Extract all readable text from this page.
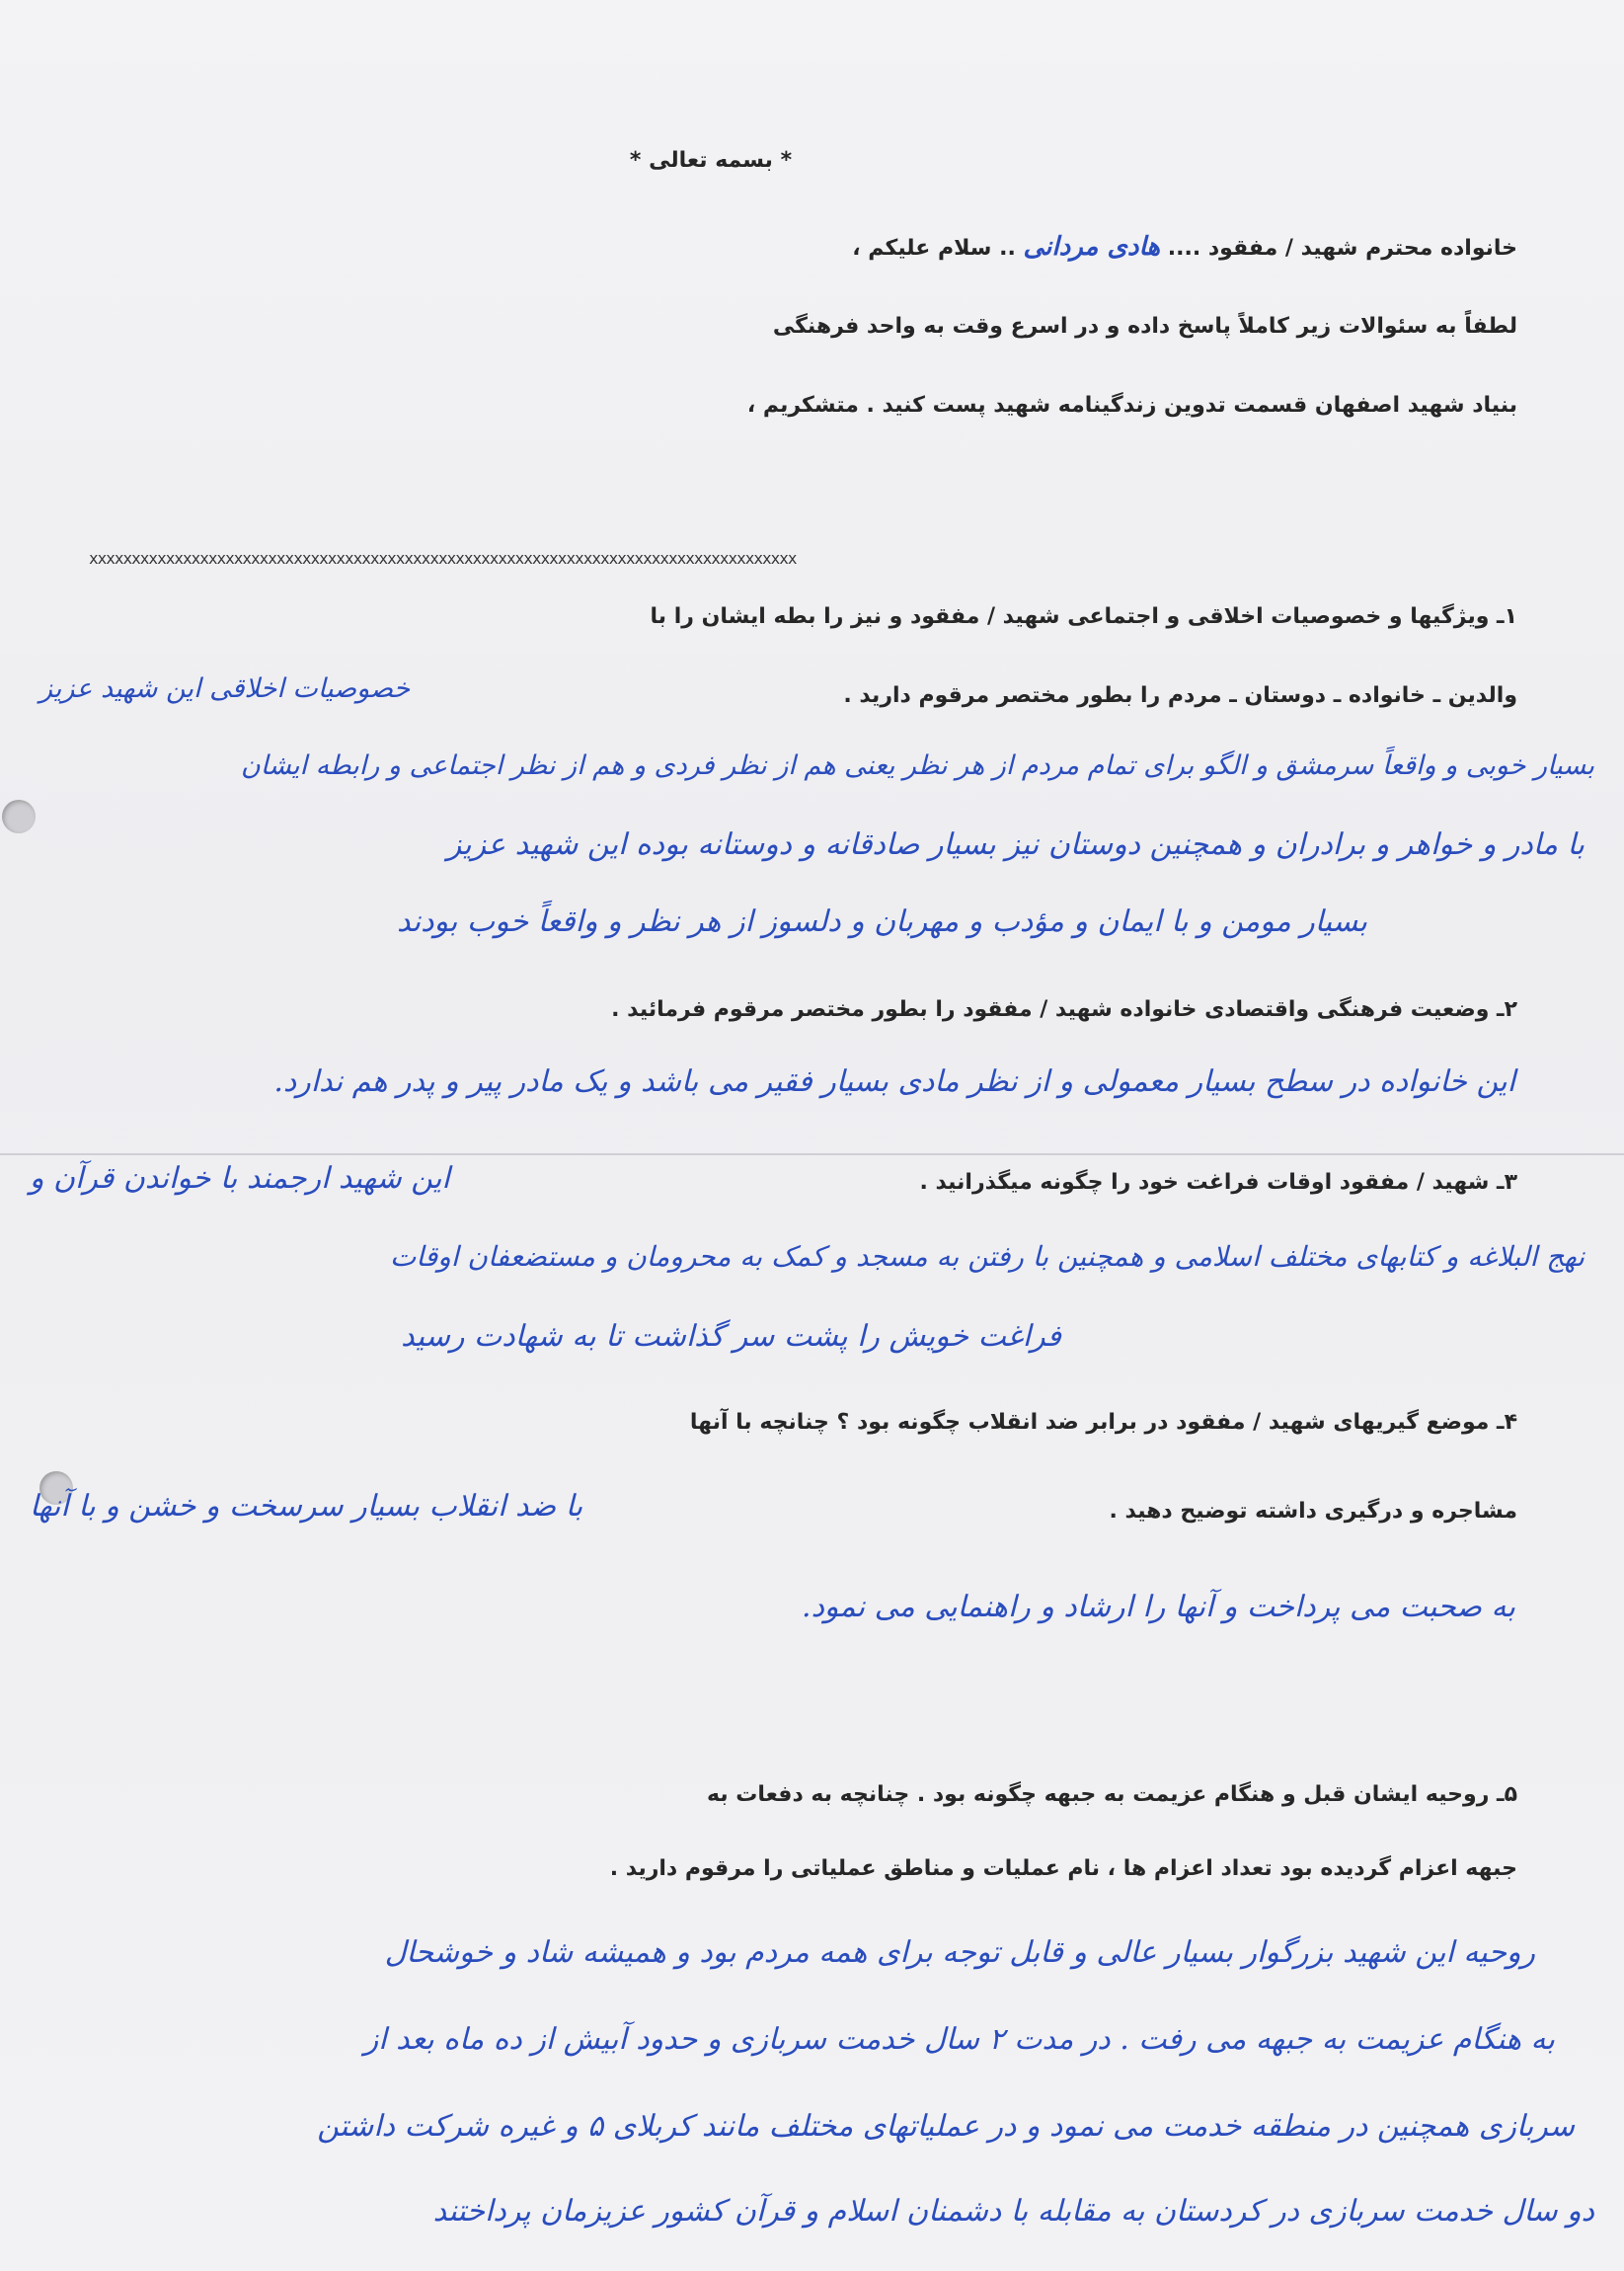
* بسمه تعالی *
خانواده محترم شهید / مفقود .... هادی مردانی .. سلام علیکم ،
لطفاً به سئوالات زیر کاملاً پاسخ داده و در اسرع وقت به واحد فرهنگی
بنیاد شهید اصفهان قسمت تدوین زندگینامه شهید پست کنید . متشکریم ،
xxxxxxxxxxxxxxxxxxxxxxxxxxxxxxxxxxxxxxxxxxxxxxxxxxxxxxxxxxxxxxxxxxxxxxxxxxxxxxxxxxx
۱ـ ویژگیها و خصوصیات اخلاقی و اجتماعی شهید / مفقود و نیز را بطه ایشان را با
والدین ـ خانواده ـ دوستان ـ مردم را بطور مختصر مرقوم دارید .
خصوصیات اخلاقی این شهید عزیز
بسیار خوبی و واقعاً سرمشق و الگو برای تمام مردم از هر نظر یعنی هم از نظر فردی و هم از نظر اجتماعی و رابطه ایشان
با مادر و خواهر و برادران و همچنین دوستان نیز بسیار صادقانه و دوستانه بوده این شهید عزیز
بسیار مومن و با ایمان و مؤدب و مهربان و دلسوز از هر نظر و واقعاً خوب بودند
۲ـ وضعیت فرهنگی واقتصادی خانواده شهید / مفقود را بطور مختصر مرقوم فرمائید .
این خانواده در سطح بسیار معمولی و از نظر مادی بسیار فقیر می باشد و یک مادر پیر و پدر هم ندارد.
۳ـ شهید / مفقود اوقات فراغت خود را چگونه میگذرانید .
این شهید ارجمند با خواندن قرآن و
نهج البلاغه و کتابهای مختلف اسلامی و همچنین با رفتن به مسجد و کمک به محرومان و مستضعفان اوقات
فراغت خویش را پشت سر گذاشت تا به شهادت رسید
۴ـ موضع گیریهای شهید / مفقود در برابر ضد انقلاب چگونه بود ؟ چنانچه با آنها
مشاجره و درگیری داشته توضیح دهید .
با ضد انقلاب بسیار سرسخت و خشن و با آنها
به صحبت می پرداخت و آنها را ارشاد و راهنمایی می نمود.
۵ـ روحیه ایشان قبل و هنگام عزیمت به جبهه چگونه بود . چنانچه به دفعات به
جبهه اعزام گردیده بود تعداد اعزام ها ، نام عملیات و مناطق عملیاتی را مرقوم دارید .
روحیه این شهید بزرگوار بسیار عالی و قابل توجه برای همه مردم بود و همیشه شاد و خوشحال
به هنگام عزیمت به جبهه می رفت . در مدت ۲ سال خدمت سربازی و حدود آبیش از ده ماه بعد از
سربازی همچنین در منطقه خدمت می نمود و در عملیاتهای مختلف مانند کربلای ۵ و غیره شرکت داشتن
دو سال خدمت سربازی در کردستان به مقابله با دشمنان اسلام و قرآن کشور عزیزمان پرداختند
